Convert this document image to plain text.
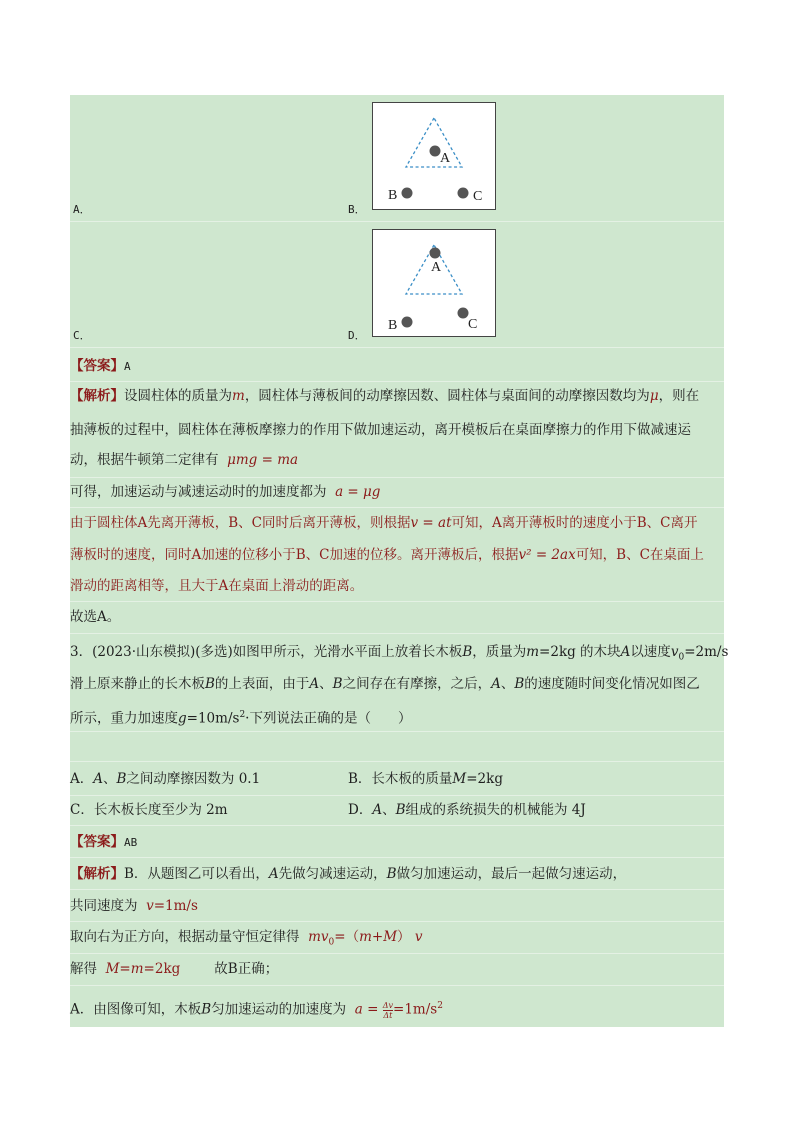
A．	B．
A
B	C
C．	D．
A
B	C
【答案】A
【解析】设圆柱体的质量为m，圆柱体与薄板间的动摩擦因数、圆柱体与桌面间的动摩擦因数均为μ，则在
抽薄板的过程中，圆柱体在薄板摩擦力的作用下做加速运动，离开模板后在桌面摩擦力的作用下做减速运
动，根据牛顿第二定律有 μmg = ma
可得，加速运动与减速运动时的加速度都为 a = μg
由于圆柱体A先离开薄板，B、C同时后离开薄板，则根据v = at可知，A离开薄板时的速度小于B、C离开
薄板时的速度，同时A加速的位移小于B、C加速的位移。离开薄板后，根据v² = 2ax可知，B、C在桌面上
滑动的距离相等，且大于A在桌面上滑动的距离。
故选A。
3．(2023·山东模拟)(多选)如图甲所示，光滑水平面上放着长木板B，质量为m=2kg 的木块A以速度$v_0=2m/s$
滑上原来静止的长木板B的上表面，由于A、B之间存在有摩擦，之后，A、B的速度随时间变化情况如图乙
所示，重力加速度$g=10m/s^2\cdot$下列说法正确的是（　　）
A．A、B之间动摩擦因数为 0.1	B．长木板的质量M=2kg
C．长木板长度至少为 2m	D．A、B组成的系统损失的机械能为 4J
【答案】AB
【解析】B．从题图乙可以看出，A先做匀减速运动，B做匀加速运动，最后一起做匀速运动，
共同速度为 v=1m/s
取向右为正方向，根据动量守恒定律得 $mv_0=(m+M)$ v
解得 M=m=2kg	故B正确；
A．由图像可知，木板B匀加速运动的加速度为 $a = \frac{\Delta v}{\Delta t} =1m/s^2$
